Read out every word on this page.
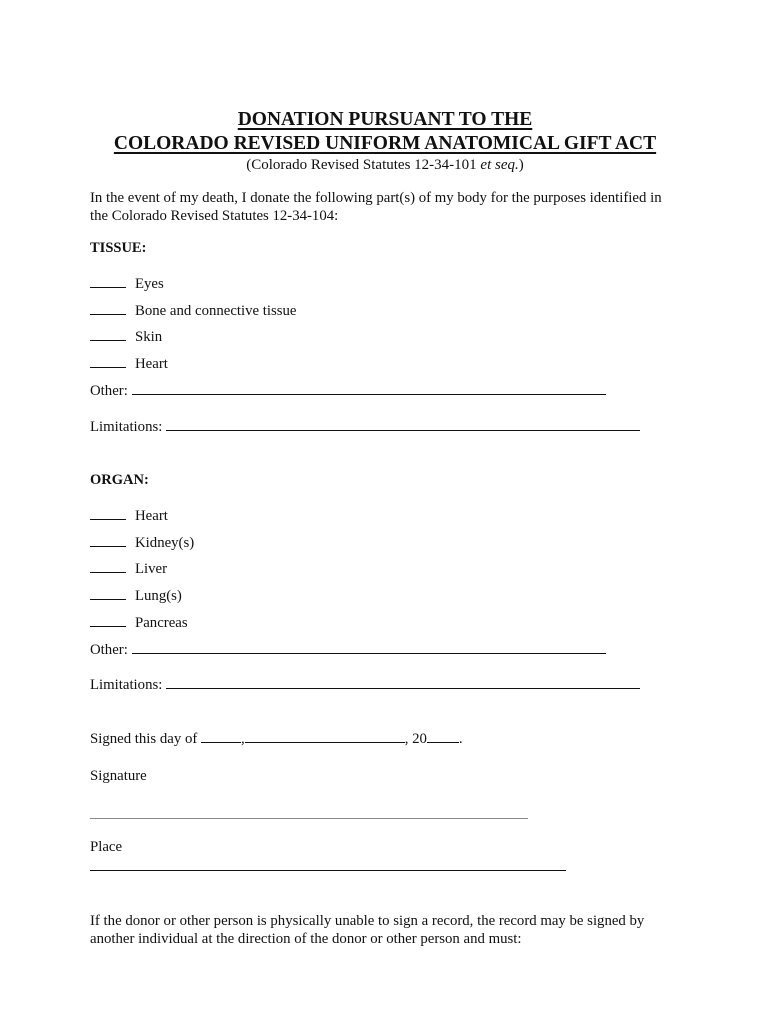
DONATION PURSUANT TO THE
COLORADO REVISED UNIFORM ANATOMICAL GIFT ACT
(Colorado Revised Statutes 12-34-101 et seq.)
In the event of my death, I donate the following part(s) of my body for the purposes identified in
the Colorado Revised Statutes 12-34-104:
TISSUE:
Eyes
Bone and connective tissue
Skin
Heart
Other:
Limitations:
ORGAN:
Heart
Kidney(s)
Liver
Lung(s)
Pancreas
Other:
Limitations:
Signed this day of	,	, 20 .
Signature
Place
If the donor or other person is physically unable to sign a record, the record may be signed by
another individual at the direction of the donor or other person and must:
